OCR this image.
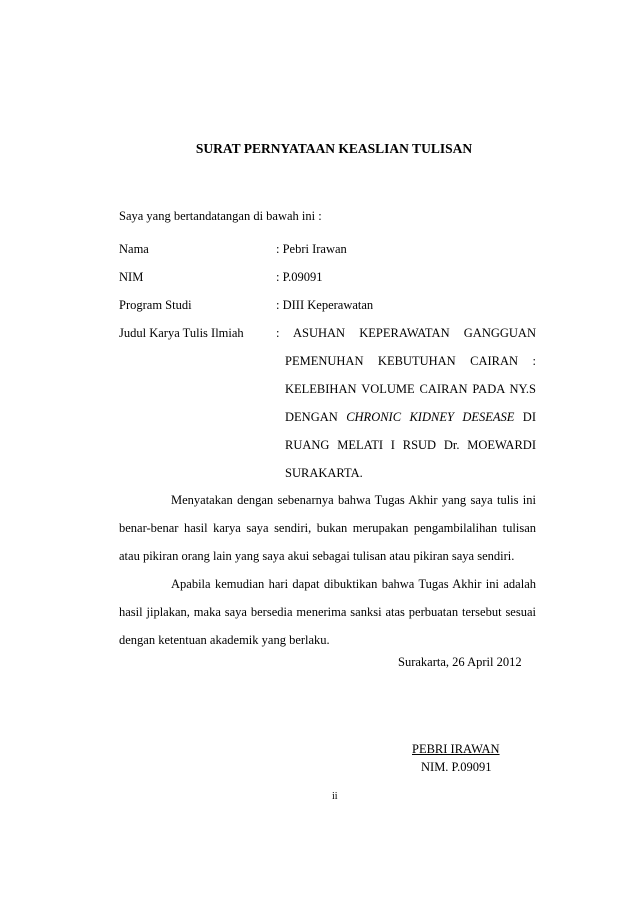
SURAT PERNYATAAN KEASLIAN TULISAN
Saya yang bertandatangan di bawah ini :
Nama	: Pebri Irawan
NIM	: P.09091
Program Studi	: DIII Keperawatan
Judul Karya Tulis Ilmiah	: ASUHAN KEPERAWATAN GANGGUAN
PEMENUHAN KEBUTUHAN CAIRAN :
KELEBIHAN VOLUME CAIRAN PADA NY.S
DENGAN CHRONIC KIDNEY DESEASE DI
RUANG MELATI I RSUD Dr. MOEWARDI
SURAKARTA.
Menyatakan dengan sebenarnya bahwa Tugas Akhir yang saya tulis ini
benar-benar hasil karya saya sendiri, bukan merupakan pengambilalihan tulisan
atau pikiran orang lain yang saya akui sebagai tulisan atau pikiran saya sendiri.
Apabila kemudian hari dapat dibuktikan bahwa Tugas Akhir ini adalah
hasil jiplakan, maka saya bersedia menerima sanksi atas perbuatan tersebut sesuai
dengan ketentuan akademik yang berlaku.
Surakarta, 26 April 2012
PEBRI IRAWAN
NIM. P.09091
ii
